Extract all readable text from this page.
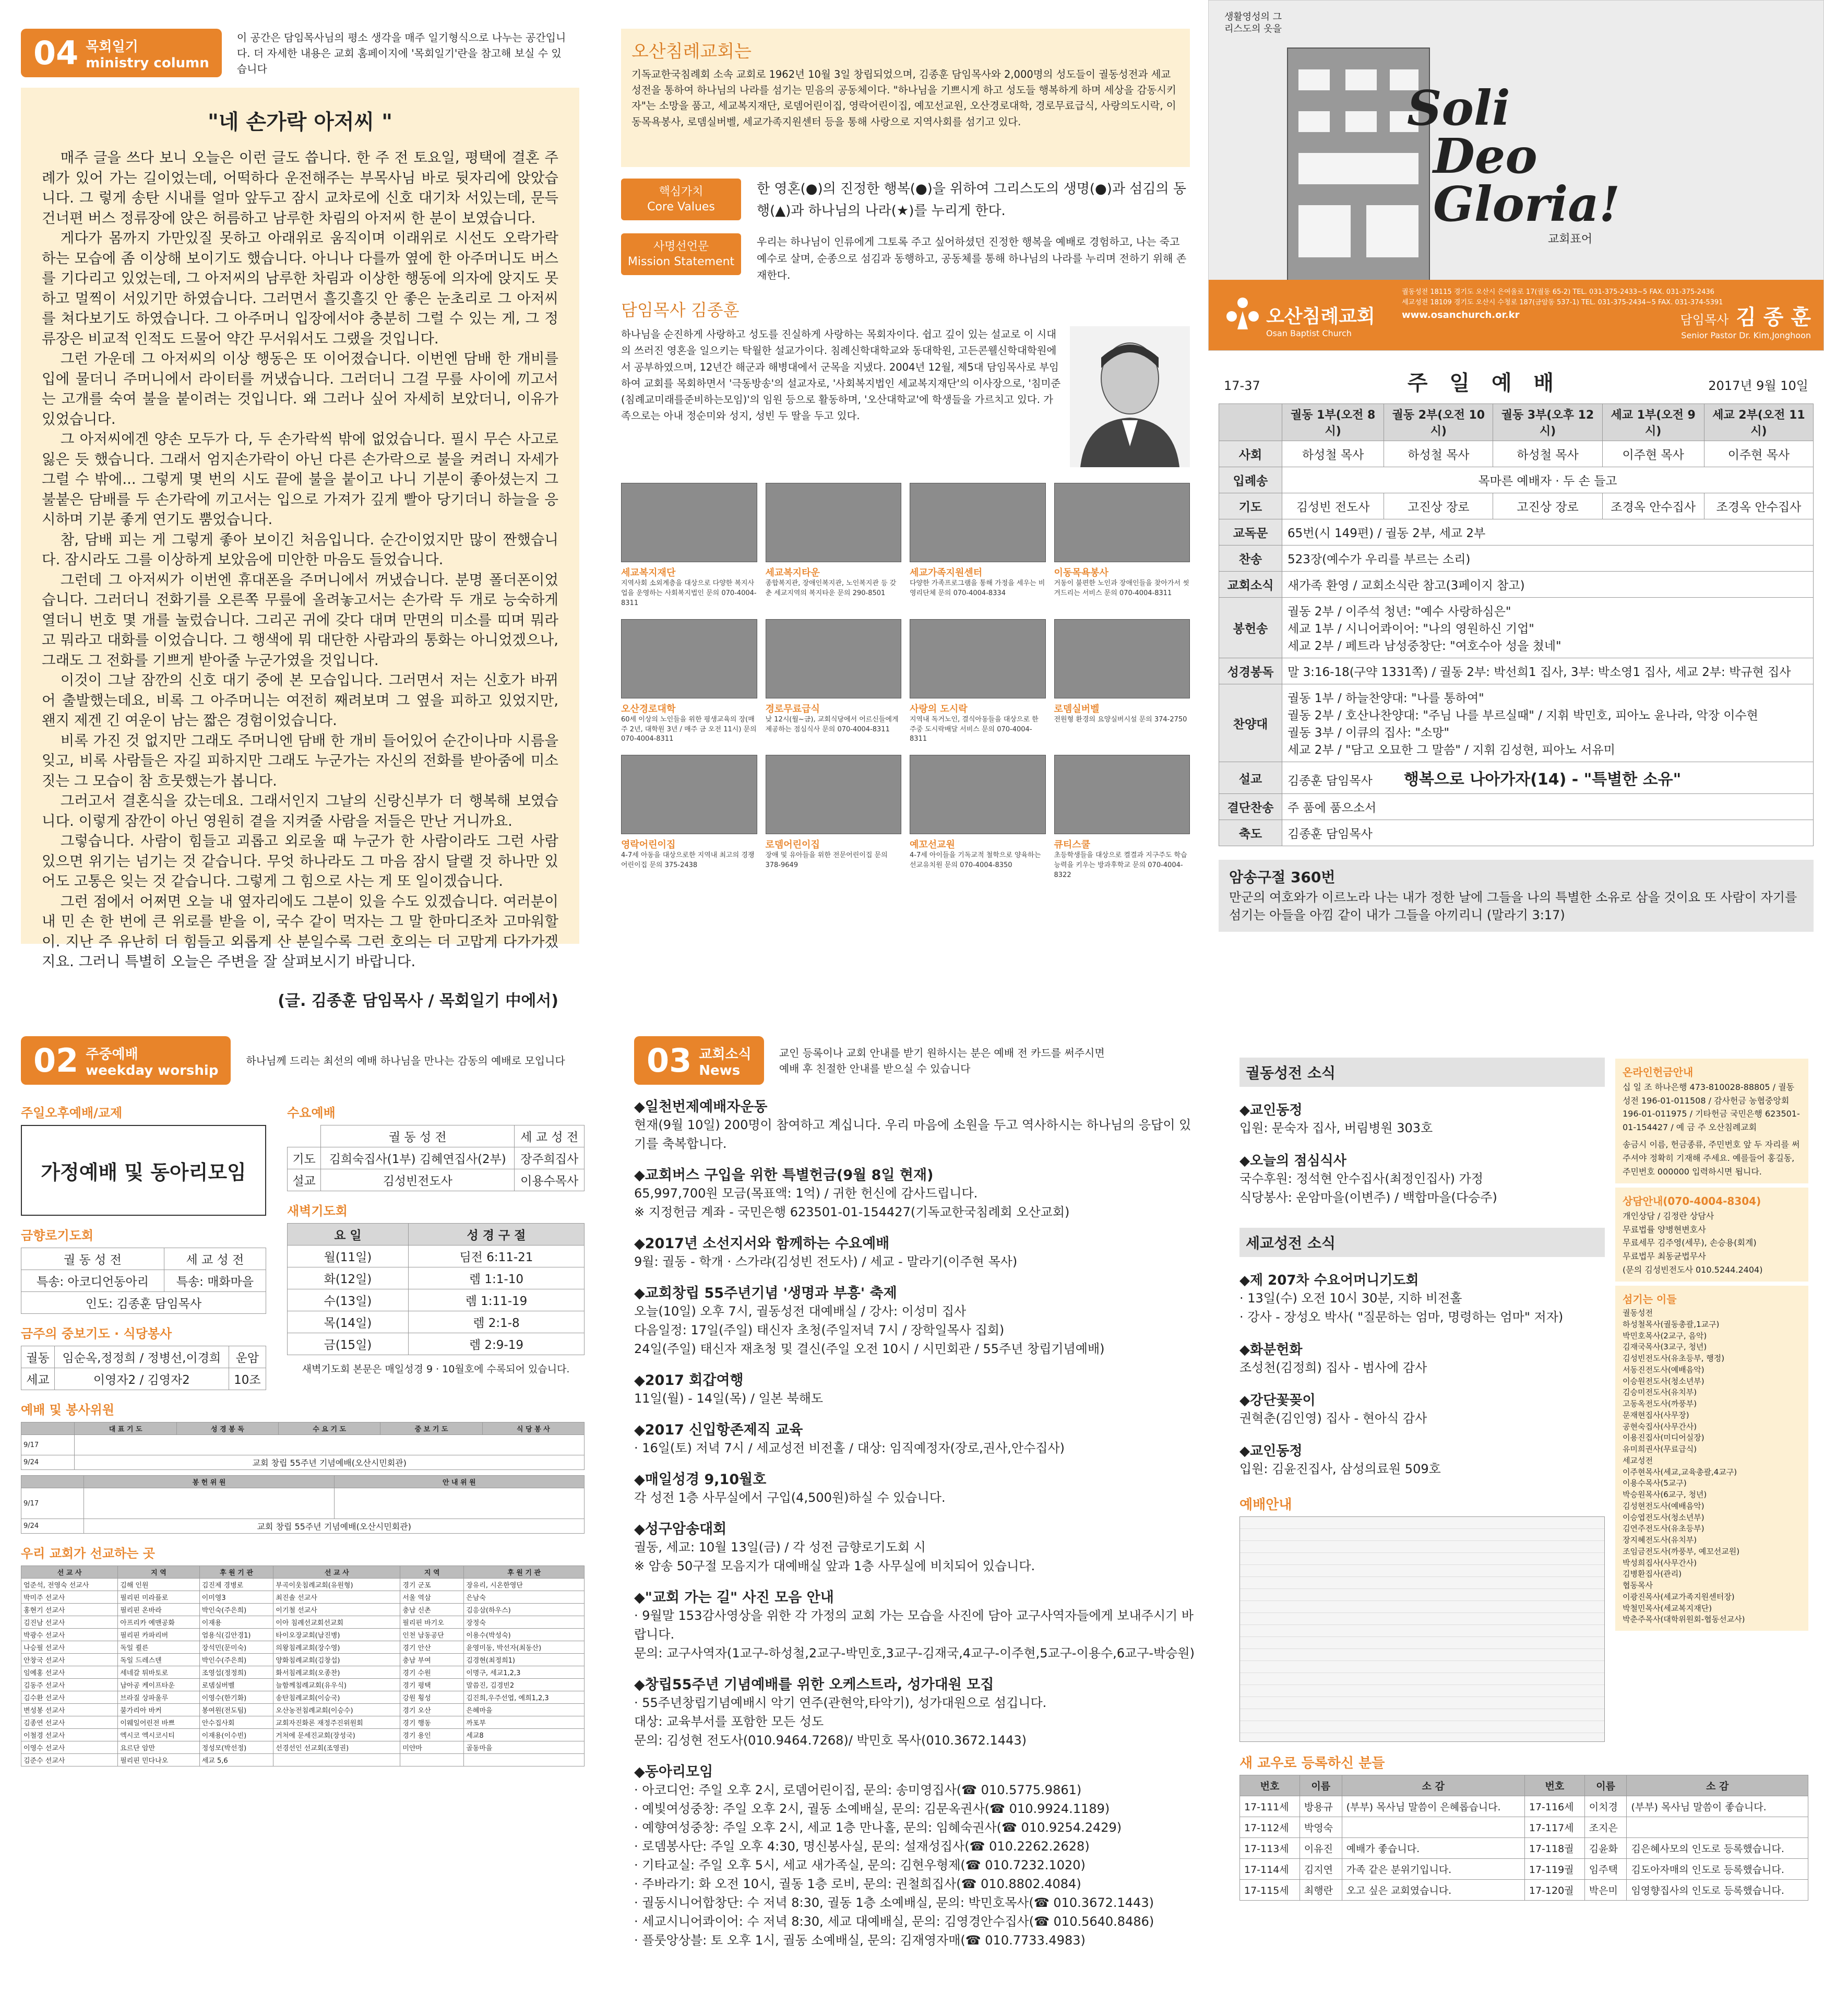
04 목회일기
ministry column 이 공간은 담임목사님의 평소 생각을 매주 일기형식으로 나누는 공간입니다. 더 자세한 내용은 교회 홈페이지에 '목회일기'란을 참고해 보실 수 있습니다
"네 손가락 아저씨 "

매주 글을 쓰다 보니 오늘은 이런 글도 씁니다. 한 주 전 토요일, 평택에 결혼 주례가 있어 가는 길이었는데, 어떡하다 운전해주는 부목사님 바로 뒷자리에 앉았습니다. 그 렇게 송탄 시내를 얼마 앞두고 잠시 교차로에 신호 대기차 서있는데, 문득 건너편 버스 정류장에 앉은 허름하고 남루한 차림의 아저씨 한 분이 보였습니다.

게다가 몸까지 가만있질 못하고 아래위로 움직이며 이래위로 시선도 오락가락 하는 모습에 좀 이상해 보이기도 했습니다. 아니나 다를까 옆에 한 아주머니도 버스를 기다리고 있었는데, 그 아저씨의 남루한 차림과 이상한 행동에 의자에 앉지도 못하고 멀찍이 서있기만 하였습니다. 그러면서 흘깃흘깃 안 좋은 눈초리로 그 아저씨를 쳐다보기도 하였습니다. 그 아주머니 입장에서야 충분히 그럴 수 있는 게, 그 정류장은 비교적 인적도 드물어 약간 무서워서도 그랬을 것입니다.

그런 가운데 그 아저씨의 이상 행동은 또 이어졌습니다. 이번엔 담배 한 개비를 입에 물더니 주머니에서 라이터를 꺼냈습니다. 그러더니 그걸 무릎 사이에 끼고서는 고개를 숙여 불을 붙이려는 것입니다. 왜 그러나 싶어 자세히 보았더니, 이유가 있었습니다.

그 아저씨에겐 양손 모두가 다, 두 손가락씩 밖에 없었습니다. 필시 무슨 사고로 잃은 듯 했습니다. 그래서 엄지손가락이 아닌 다른 손가락으로 불을 켜려니 자세가 그럴 수 밖에... 그렇게 몇 번의 시도 끝에 불을 붙이고 나니 기분이 좋아셨는지 그 불붙은 담배를 두 손가락에 끼고서는 입으로 가져가 깊게 빨아 당기더니 하늘을 응시하며 기분 좋게 연기도 뿜었습니다.

참, 담배 피는 게 그렇게 좋아 보이긴 처음입니다. 순간이었지만 많이 짠했습니다. 잠시라도 그를 이상하게 보았음에 미안한 마음도 들었습니다.

그런데 그 아저씨가 이번엔 휴대폰을 주머니에서 꺼냈습니다. 분명 폴더폰이었습니다. 그러더니 전화기를 오른쪽 무릎에 올려놓고서는 손가락 두 개로 능숙하게 열더니 번호 몇 개를 눌렀습니다. 그리곤 귀에 갖다 대며 만면의 미소를 띠며 뭐라고 뭐라고 대화를 이었습니다. 그 행색에 뭐 대단한 사람과의 통화는 아니었겠으나, 그래도 그 전화를 기쁘게 받아줄 누군가였을 것입니다.

이것이 그날 잠깐의 신호 대기 중에 본 모습입니다. 그러면서 저는 신호가 바뀌어 출발했는데요, 비록 그 아주머니는 여전히 째려보며 그 옆을 피하고 있었지만, 왠지 제겐 긴 여운이 남는 짧은 경험이었습니다.

비록 가진 것 없지만 그래도 주머니엔 담배 한 개비 들어있어 순간이나마 시름을 잊고, 비록 사람들은 자길 피하지만 그래도 누군가는 자신의 전화를 받아줌에 미소 짓는 그 모습이 참 흐뭇했는가 봅니다.

그러고서 결혼식을 갔는데요. 그래서인지 그날의 신랑신부가 더 행복해 보였습니다. 이렇게 잠깐이 아닌 영원히 곁을 지켜줄 사람을 저들은 만난 거니까요.

그렇습니다. 사람이 힘들고 괴롭고 외로울 때 누군가 한 사람이라도 그런 사람 있으면 위기는 넘기는 것 같습니다. 무엇 하나라도 그 마음 잠시 달랠 것 하나만 있어도 고통은 잊는 것 같습니다. 그렇게 그 힘으로 사는 게 또 일이겠습니다.

그런 점에서 어쩌면 오늘 내 옆자리에도 그분이 있을 수도 있겠습니다. 여러분이 내 민 손 한 번에 큰 위로를 받을 이, 국수 같이 먹자는 그 말 한마디조차 고마워할 이. 지난 주 유난히 더 힘들고 외롭게 산 분일수록 그런 호의는 더 고맙게 다가가겠지요. 그러니 특별히 오늘은 주변을 잘 살펴보시기 바랍니다.

(글. 김종훈 담임목사 / 목회일기 中에서)
오산침례교회는

기독교한국침례회 소속 교회로 1962년 10월 3일 창립되었으며, 김종훈 담임목사와 2,000명의 성도들이 궐동성전과 세교성전을 통하여 하나님의 나라를 섬기는 믿음의 공동체이다. "하나님을 기쁘시게 하고 성도들 행복하게 하며 세상을 감동시키자"는 소망을 품고, 세교복지재단, 로뎀어린이집, 영락어린이집, 예꼬선교원, 오산경로대학, 경로무료급식, 사랑의도시락, 이동목욕봉사, 로뎀실버벨, 세교가족지원센터 등을 통해 사랑으로 지역사회를 섬기고 있다.

핵심가치
Core Values
한 영혼(●)의 진정한 행복(●)을 위하여 그리스도의 생명(●)과 섬김의 동행(▲)과 하나님의 나라(★)를 누리게 한다.
사명선언문
Mission Statement
우리는 하나님이 인류에게 그토록 주고 싶어하셨던 진정한 행복을 예배로 경험하고, 나는 죽고 예수로 살며, 순종으로 섬김과 동행하고, 공동체를 통해 하나님의 나라를 누리며 전하기 위해 존재한다.
담임목사 김종훈

하나님을 순진하게 사랑하고 성도를 진실하게 사랑하는 목회자이다. 쉽고 깊이 있는 설교로 이 시대의 쓰러진 영혼을 일으키는 탁월한 설교가이다. 침례신학대학교와 동대학원, 고든콘웰신학대학원에서 공부하였으며, 12년간 해군과 해병대에서 군목을 지냈다. 2004년 12월, 제5대 담임목사로 부임하여 교회를 목회하면서 '극동방송'의 설교자로, '사회복지법인 세교복지재단'의 이사장으로, '침미준(침례교미래를준비하는모임)'의 임원 등으로 활동하며, '오산대학교'에 학생들을 가르치고 있다. 가족으로는 아내 정순미와 성지, 성빈 두 딸을 두고 있다.

세교복지재단
지역사회 소외계층을 대상으로 다양한 복지사업을 운영하는 사회복지법인 문의 070-4004-8311
세교복지타운
종합복지관, 장애인복지관, 노인복지관 등 갖춘 세교지역의 복지타운 문의 290-8501
세교가족지원센터
다양한 가족프로그램을 통해 가정을 세우는 비영리단체 문의 070-4004-8334
이동목욕봉사
거동이 불편한 노인과 장애인들을 찾아가서 씻겨드리는 서비스 문의 070-4004-8311
오산경로대학
60세 이상의 노인들을 위한 평생교육의 장(매주 2년, 대학원 3년 / 매주 금 오전 11시) 문의 070-4004-8311
경로무료급식
낮 12시(월~금), 교회식당에서 어르신들에게 제공하는 점심식사 문의 070-4004-8311
사랑의 도시락
지역내 독거노인, 결식아동들을 대상으로 한 주중 도시락배달 서비스 문의 070-4004-8311
로뎀실버벨
전원형 환경의 요양실버시설 문의 374-2750
영락어린이집
4-7세 아동을 대상으로한 지역내 최고의 경쟁 어린이집 문의 375-2438
로뎀어린이집
장애 및 유아들을 위한 전문어린이집 문의 378-9649
예꼬선교원
4-7세 아이들을 기독교적 철학으로 양육하는 선교유치원 문의 070-4004-8350
큐티스쿨
초등학생들을 대상으로 켤결과 지구주도 학습능력을 키우는 방과후학교 문의 070-4004-8322
생활영성의 그리스도의 옷을
Soli
Deo
Gloria!
교회표어
오산침례교회
Osan Baptist Church
궐동성전 18115 경기도 오산시 은여울로 17(궐동 65-2) TEL. 031-375-2433~5 FAX. 031-375-2436
세교성전 18109 경기도 오산시 수청로 187(금암동 537-1) TEL. 031-375-2434~5 FAX. 031-374-5391
www.osanchurch.or.kr	담임목사 김 종 훈
Senior Pastor Dr. Kim,Jonghoon
17-37	주 일 예 배	2017년 9월 10일
	궐동 1부(오전 8시)	궐동 2부(오전 10시)	궐동 3부(오후 12시)	세교 1부(오전 9시)	세교 2부(오전 11시)
사회	하성철 목사	하성철 목사	하성철 목사	이주현 목사	이주현 목사
입례송	목마른 예배자 · 두 손 들고				
기도	김성빈 전도사	고진상 장로	고진상 장로	조경옥 안수집사	조경옥 안수집사
교독문	65번(시 149편) / 궐동 2부, 세교 2부				
찬송	523장(예수가 우리를 부르는 소리)				
교회소식	새가족 환영 / 교회소식란 참고(3페이지 참고)				
봉헌송	궐동 2부 / 이주석 청년: "예수 사랑하심은"
세교 1부 / 시니어콰이어: "나의 영원하신 기업"
세교 2부 / 페트라 남성중창단: "여호수아 성을 쳤네"				
성경봉독	말 3:16-18(구약 1331쪽) / 궐동 2부: 박선희1 집사, 3부: 박소영1 집사, 세교 2부: 박규현 집사				
찬양대	궐동 1부 / 하늘찬양대: "나를 통하여"
궐동 2부 / 호산나찬양대: "주님 나를 부르실때" / 지휘 박민호, 피아노 윤나라, 악장 이수현
궐동 3부 / 이큐의 집사: "소망"
세교 2부 / "담고 오묘한 그 말씀" / 지휘 김성현, 피아노 서유미				
설교	김종훈 담임목사 행복으로 나아가자(14) - "특별한 소유"				
결단찬송	주 품에 품으소서				
축도	김종훈 담임목사				
암송구절 360번
만군의 여호와가 이르노라 나는 내가 정한 날에 그들을 나의 특별한 소유로 삼을 것이요 또 사람이 자기를 섬기는 아들을 아낌 같이 내가 그들을 아끼리니 (말라기 3:17)
02 주중예배
weekday worship 하나님께 드리는 최선의 예배 하나님을 만나는 감동의 예배로 모입니다
주일오후예배/교제
가정예배 및 동아리모임
금향로기도회
궐 동 성 전	세 교 성 전
특송: 아코디언동아리	특송: 매화마을
인도: 김종훈 담임목사	
금주의 중보기도 · 식당봉사
궐동	임순옥,정정희 / 정병선,이경희	운암
세교	이영자2 / 김영자2	10조
수요예배
	궐 동 성 전	세 교 성 전
기도	김희숙집사(1부) 김혜연집사(2부)	장주희집사
설교	김성빈전도사	이용수목사
새벽기도회
요 일	성 경 구 절
월(11일)	딤전 6:11-21
화(12일)	렘 1:1-10
수(13일)	렘 1:11-19
목(14일)	렘 2:1-8
금(15일)	렘 2:9-19
새벽기도회 본문은 매일성경 9 · 10월호에 수록되어 있습니다.
예배 및 봉사위원
	대 표 기 도	성 경 봉 독	수 요 기 도	중 보 기 도	식 당 봉 사
9/17					
9/24	교회 창립 55주년 기념예배(오산시민회관)				
	봉 헌 위 원	안 내 위 원
9/17		
9/24	교회 창립 55주년 기념예배(오산시민회관)	
우리 교회가 선교하는 곳
선 교 사	지 역	후 원 기 관	선 교 사	지 역	후 원 기 관
엄준석, 전영숙 선교사	김해 인원	김진제 경병로	부곡이웃침례교회(유원형)	경기 군포	장유리, 시온한영단
박미주 선교사	필리핀 미라플로	이미영3	최진솔 선교사	서울 역삼	은남숙
홍현기 선교사	필리핀 온바라	박인숙(주은희)	이기철 선교사	충남 신촌	김응삼(하우스)
김진남 선교사	아프리카 예맨공화	이재용	이아 침례선교회선교회	필리핀 바기오	장정숙
박광수 선교사	필리핀 카파리버	엄용식(김안경1)	타이오장교회(남진병)	인천 남동공단	이용수(박성숙)
나승필 선교사	독일 쾰른	장석민(문미숙)	의왕침례교회(장수영)	경기 안산	윤영미동, 박선자(최동산)
안창국 선교사	독일 드레스덴	박인수(주은희)	양화침례교회(김창섭)	충남 부여	김경현(최정희1)
임예홍 선교사	세네갈 튀바토로	조영섭(정정희)	화서침례교회(오종찬)	경기 수원	이명구, 세교1,2,3
김동주 선교사	남아공 케이프타운	로뎀실버벨	늘함께침례교회(유우식)	경기 평택	말씀진, 김경빈2
김수환 선교사	브라질 상파울루	이영수(한기화)	송탄침례교회(이승국)	강원 횡성	김진희,우주선엽, 예희1,2,3
변성봉 선교사	불가리아 바커	봉여원(전도팀)	오산농전침례교회(이승수)	경기 오산	은혜마을
김종연 선교사	이웨일어린전 바쁘	안수집사회	교회자진화론 재정주진위원회	경기 행동	까포부
이철경 선교사	엑시코 엑시코시티	이재용(이수빈)	거처에 문세진교회(장성국)	경기 용인	세교8
이영수 선교사	요르단 암만	정성모(박선정)	선경선인 선교회(조영권)	미얀마	골동마을
김준수 선교사	필리핀 민다나오	세교 5,6			
03 교회소식
News 교인 등록이나 교회 안내를 받기 원하시는 분은 예배 전 카드를 써주시면 예배 후 친절한 안내를 받으실 수 있습니다
◆일천번제예배자운동
현재(9월 10일) 200명이 참여하고 계십니다. 우리 마음에 소원을 두고 역사하시는 하나님의 응답이 있기를 축복합니다.
◆교회버스 구입을 위한 특별헌금(9월 8일 현재)
65,997,700원 모금(목표액: 1억) / 귀한 헌신에 감사드립니다.
※ 지정헌금 계좌 - 국민은행 623501-01-154427(기독교한국침례회 오산교회)
◆2017년 소선지서와 함께하는 수요예배
9월: 궐동 - 학개 · 스가랴(김성빈 전도사) / 세교 - 말라기(이주현 목사)
◆교회창립 55주년기념 '생명과 부흥' 축제
오늘(10일) 오후 7시, 궐동성전 대예배실 / 강사: 이성미 집사
다음일정: 17일(주일) 태신자 초청(주일저녁 7시 / 장학일목사 집회)
24일(주일) 태신자 재초청 및 결신(주일 오전 10시 / 시민회관 / 55주년 창립기념예배)
◆2017 회갑여행
11일(월) - 14일(목) / 일본 북해도
◆2017 신입항존제직 교육
· 16일(토) 저녁 7시 / 세교성전 비전홀 / 대상: 임직예정자(장로,권사,안수집사)
◆매일성경 9,10월호
각 성전 1층 사무실에서 구입(4,500원)하실 수 있습니다.
◆성구암송대회
궐동, 세교: 10월 13일(금) / 각 성전 금향로기도회 시
※ 암송 50구절 모음지가 대예배실 앞과 1층 사무실에 비치되어 있습니다.
◆"교회 가는 길" 사진 모음 안내
· 9월말 153감사영상을 위한 각 가정의 교회 가는 모습을 사진에 담아 교구사역자들에게 보내주시기 바랍니다.
문의: 교구사역자(1교구-하성철,2교구-박민호,3교구-김재국,4교구-이주현,5교구-이용수,6교구-박승원)
◆창립55주년 기념예배를 위한 오케스트라, 성가대원 모집
· 55주년창립기념예배시 악기 연주(관현악,타악기), 성가대원으로 섬깁니다.
대상: 교육부서를 포함한 모든 성도
문의: 김성현 전도사(010.9464.7268)/ 박민호 목사(010.3672.1443)
◆동아리모임
· 아코디언: 주일 오후 2시, 로뎀어린이집, 문의: 송미영집사(☎ 010.5775.9861)
· 예빛여성중창: 주일 오후 2시, 궐동 소예배실, 문의: 김문옥권사(☎ 010.9924.1189)
· 예향여성중창: 주일 오후 2시, 세교 1층 만나홀, 문의: 임혜숙권사(☎ 010.9254.2429)
· 로뎀봉사단: 주일 오후 4:30, 명신봉사실, 문의: 설재성집사(☎ 010.2262.2628)
· 기타교실: 주일 오후 5시, 세교 새가족실, 문의: 김현우형제(☎ 010.7232.1020)
· 주바라기: 화 오전 10시, 궐동 1층 로비, 문의: 권철희집사(☎ 010.8802.4084)
· 궐동시니어합창단: 수 저녁 8:30, 궐동 1층 소예배실, 문의: 박민호목사(☎ 010.3672.1443)
· 세교시니어콰이어: 수 저녁 8:30, 세교 대예배실, 문의: 김영경안수집사(☎ 010.5640.8486)
· 플룻앙상블: 토 오후 1시, 궐동 소예배실, 문의: 김재영자매(☎ 010.7733.4983)
궐동성전 소식
◆교인동정
입원: 문숙자 집사, 버림병원 303호
◆오늘의 점심식사
국수후원: 정석현 안수집사(최정인집사) 가정
식당봉사: 운암마을(이변주) / 백합마을(다승주)
세교성전 소식
◆제 207차 수요어머니기도회
· 13일(수) 오전 10시 30분, 지하 비전홀
· 강사 - 장성오 박사( "질문하는 엄마, 명령하는 엄마" 저자)
◆화분헌화
조성천(김정희) 집사 - 범사에 감사
◆강단꽃꽂이
권혁춘(김인영) 집사 - 현아식 감사
◆교인동정
입원: 김윤진집사, 삼성의료원 509호
예배안내
온라인헌금안내
십 일 조 하나은행 473-810028-88805 / 궐동성전 196-01-011508 / 감사헌금 농협중앙회 196-01-011975 / 기타헌금 국민은행 623501-01-154427 / 예 금 주 오산침례교회
송금시 이름, 헌금종류, 주민번호 앞 두 자리를 써주셔야 정확히 기재해 주세요. 예를들어 홍길동, 주민번호 000000 입력하시면 됩니다.
상담안내(070-4004-8304)
개인상담 / 김정란 상담사
무료법률 양병현변호사
무료세무 김주영(세무), 손승용(회계)
무료법무 최동균법무사
(문의 김성빈전도사 010.5244.2404)
섬기는 이들
궐동성전
하성철목사(궐동총괄,1교구)
박민호목사(2교구, 음악)
김재국목사(3교구, 청년)
김성빈전도사(유초등부, 행정)
서동진전도사(예배음악)
이승원전도사(청소년부)
김승미전도사(유치부)
고동옥전도사(까풍부)
문재현집사(사무장)
공현숙집사(사무간사)
이용진집사(미디어실장)
유미희권사(무료급식)
세교성전
이주현목사(세교,교육총괄,4교구)
이용수목사(5교구)
박승원목사(6교구, 청년)
김성현전도사(예배음악)
이승엽전도사(청소년부)
김연주전도사(유초등부)
장지혜전도사(유치부)
조임금전도사(까풍부, 예꼬선교원)
박성희집사(사무간사)
김병환집사(관리)
협동목사
이광진목사(세교가족지원센터장)
박철민목사(세교복지재단)
박춘주목사(대학위원회-협동선교사)
새 교우로 등록하신 분들
번호	이름	소 감	번호	이름	소 감
17-111세	방용규	(부부) 목사님 말씀이 은혜롭습니다.	17-116세	이치경	(부부) 목사님 말씀이 좋습니다.
17-112세	박영숙		17-117세	조지은	
17-113세	이유진	예배가 좋습니다.	17-118궐	김윤화	김은혜사모의 인도로 등록했습니다.
17-114세	김지연	가족 같은 분위기입니다.	17-119궐	임주택	김도아자매의 인도로 등록했습니다.
17-115세	최행란	오고 싶은 교회였습니다.	17-120궐	박은미	임영향집사의 인도로 등록했습니다.
